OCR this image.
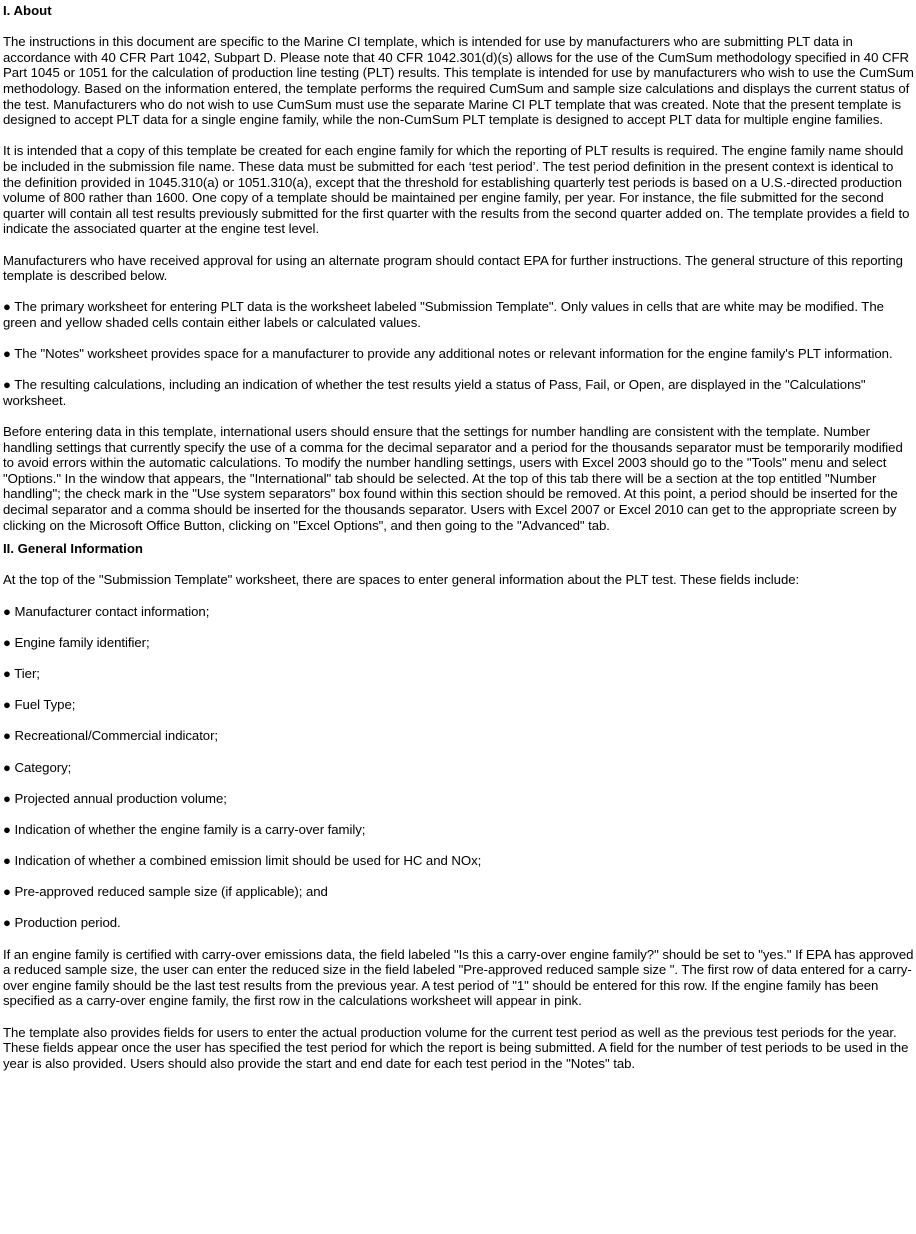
I. About

The instructions in this document are specific to the Marine CI template, which is intended for use by manufacturers who are submitting PLT data in accordance with 40 CFR Part 1042, Subpart D. Please note that 40 CFR 1042.301(d)(s) allows for the use of the CumSum methodology specified in 40 CFR Part 1045 or 1051 for the calculation of production line testing (PLT) results. This template is intended for use by manufacturers who wish to use the CumSum methodology. Based on the information entered, the template performs the required CumSum and sample size calculations and displays the current status of the test. Manufacturers who do not wish to use CumSum must use the separate Marine CI PLT template that was created. Note that the present template is designed to accept PLT data for a single engine family, while the non-CumSum PLT template is designed to accept PLT data for multiple engine families.

It is intended that a copy of this template be created for each engine family for which the reporting of PLT results is required. The engine family name should be included in the submission file name. These data must be submitted for each ‘test period’. The test period definition in the present context is identical to the definition provided in 1045.310(a) or 1051.310(a), except that the threshold for establishing quarterly test periods is based on a U.S.-directed production volume of 800 rather than 1600. One copy of a template should be maintained per engine family, per year. For instance, the file submitted for the second quarter will contain all test results previously submitted for the first quarter with the results from the second quarter added on. The template provides a field to indicate the associated quarter at the engine test level.

Manufacturers who have received approval for using an alternate program should contact EPA for further instructions. The general structure of this reporting template is described below.

● The primary worksheet for entering PLT data is the worksheet labeled "Submission Template". Only values in cells that are white may be modified. The green and yellow shaded cells contain either labels or calculated values.

● The "Notes" worksheet provides space for a manufacturer to provide any additional notes or relevant information for the engine family's PLT information.

● The resulting calculations, including an indication of whether the test results yield a status of Pass, Fail, or Open, are displayed in the "Calculations" worksheet.

Before entering data in this template, international users should ensure that the settings for number handling are consistent with the template. Number handling settings that currently specify the use of a comma for the decimal separator and a period for the thousands separator must be temporarily modified to avoid errors within the automatic calculations. To modify the number handling settings, users with Excel 2003 should go to the "Tools" menu and select "Options." In the window that appears, the "International" tab should be selected. At the top of this tab there will be a section at the top entitled "Number handling"; the check mark in the "Use system separators" box found within this section should be removed. At this point, a period should be inserted for the decimal separator and a comma should be inserted for the thousands separator. Users with Excel 2007 or Excel 2010 can get to the appropriate screen by clicking on the Microsoft Office Button, clicking on "Excel Options", and then going to the "Advanced" tab.

II. General Information

At the top of the "Submission Template" worksheet, there are spaces to enter general information about the PLT test. These fields include:

● Manufacturer contact information;

● Engine family identifier;

● Tier;

● Fuel Type;

● Recreational/Commercial indicator;

● Category;

● Projected annual production volume;

● Indication of whether the engine family is a carry-over family;

● Indication of whether a combined emission limit should be used for HC and NOx;

● Pre-approved reduced sample size (if applicable); and

● Production period.

If an engine family is certified with carry-over emissions data, the field labeled "Is this a carry-over engine family?" should be set to "yes." If EPA has approved a reduced sample size, the user can enter the reduced size in the field labeled "Pre-approved reduced sample size ". The first row of data entered for a carry-over engine family should be the last test results from the previous year. A test period of "1" should be entered for this row. If the engine family has been specified as a carry-over engine family, the first row in the calculations worksheet will appear in pink.

The template also provides fields for users to enter the actual production volume for the current test period as well as the previous test periods for the year. These fields appear once the user has specified the test period for which the report is being submitted. A field for the number of test periods to be used in the year is also provided. Users should also provide the start and end date for each test period in the "Notes" tab.
